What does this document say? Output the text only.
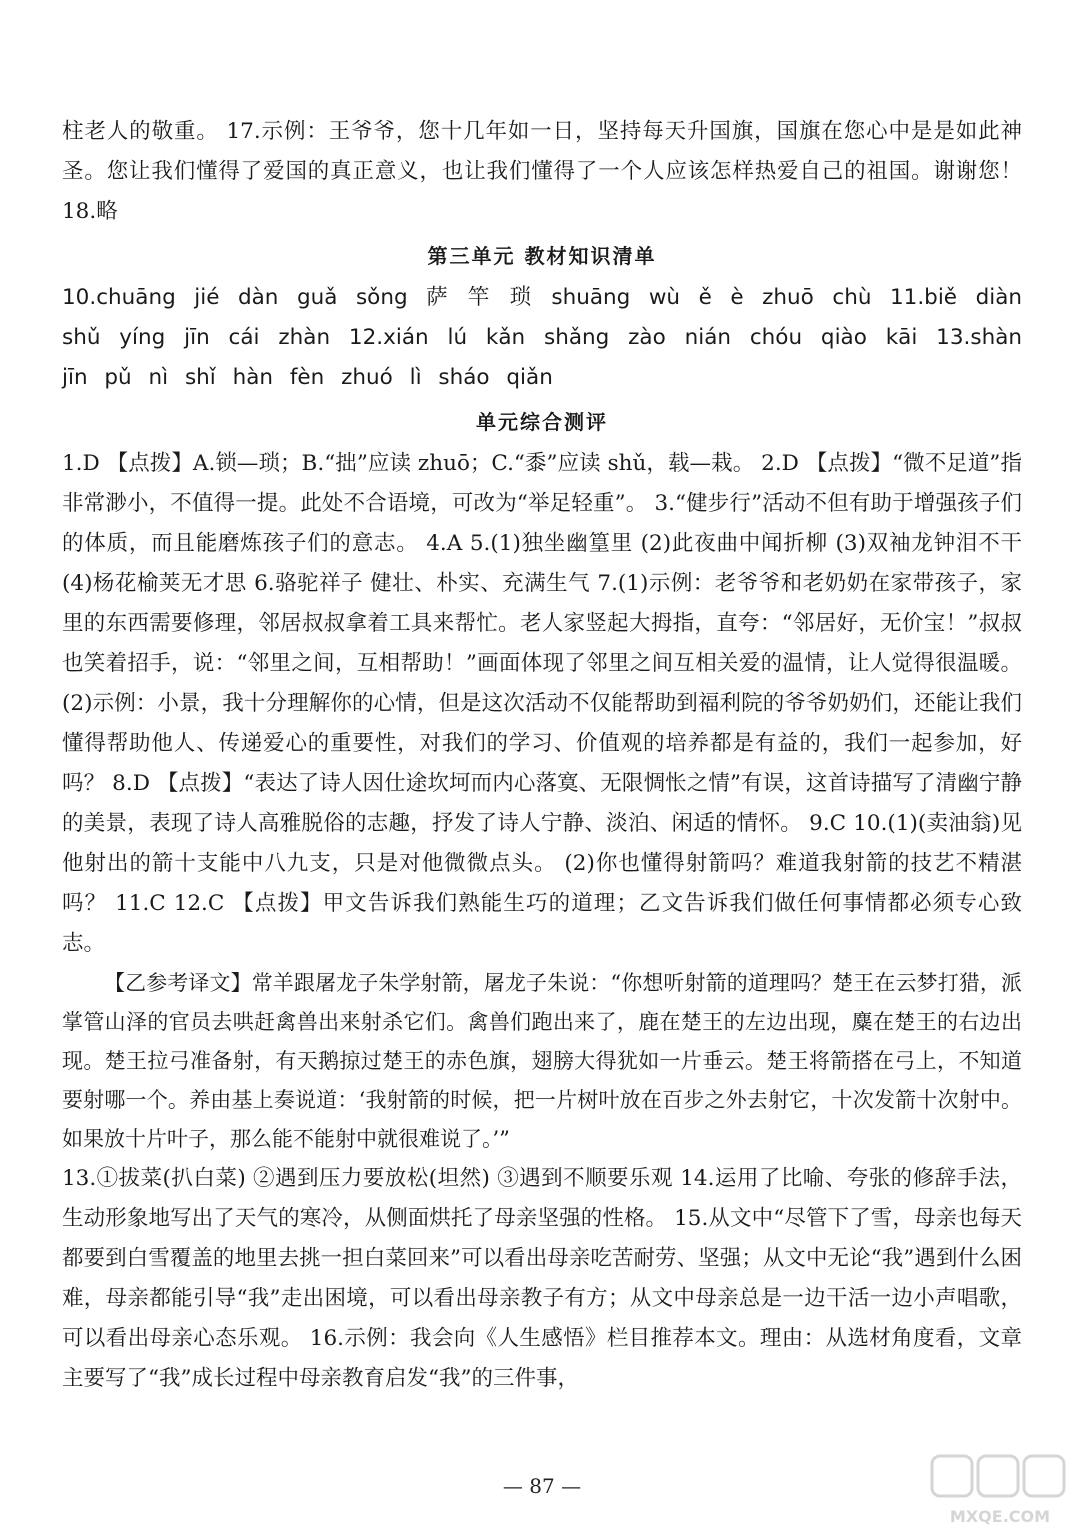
柱老人的敬重。 17.示例：王爷爷，您十几年如一日，坚持每天升国旗，国旗在您心中是是如此神圣。您让我们懂得了爱国的真正意义，也让我们懂得了一个人应该怎样热爱自己的祖国。谢谢您！ 18.略

第三单元 教材知识清单

10.chuāng jié dàn guǎ sǒng 萨 竿 琐 shuāng wù ě è zhuō chù 11.biě diàn shǔ yíng jīn cái zhàn 12.xián lú kǎn shǎng zào nián chóu qiào kāi 13.shàn jīn pǔ nì shǐ hàn fèn zhuó lì sháo qiǎn

单元综合测评

1.D 【点拨】A.锁—琐；B.“拙”应读 zhuō；C.“黍”应读 shǔ，载—栽。 2.D 【点拨】“微不足道”指非常渺小，不值得一提。此处不合语境，可改为“举足轻重”。 3.“健步行”活动不但有助于增强孩子们的体质，而且能磨炼孩子们的意志。 4.A 5.(1)独坐幽篁里 (2)此夜曲中闻折柳 (3)双袖龙钟泪不干 (4)杨花榆荚无才思 6.骆驼祥子 健壮、朴实、充满生气 7.(1)示例：老爷爷和老奶奶在家带孩子，家里的东西需要修理，邻居叔叔拿着工具来帮忙。老人家竖起大拇指，直夸：“邻居好，无价宝！”叔叔也笑着招手，说：“邻里之间，互相帮助！”画面体现了邻里之间互相关爱的温情，让人觉得很温暖。 (2)示例：小景，我十分理解你的心情，但是这次活动不仅能帮助到福利院的爷爷奶奶们，还能让我们懂得帮助他人、传递爱心的重要性，对我们的学习、价值观的培养都是有益的，我们一起参加，好吗？ 8.D 【点拨】“表达了诗人因仕途坎坷而内心落寞、无限惆怅之情”有误，这首诗描写了清幽宁静的美景，表现了诗人高雅脱俗的志趣，抒发了诗人宁静、淡泊、闲适的情怀。 9.C 10.(1)(卖油翁)见他射出的箭十支能中八九支，只是对他微微点头。 (2)你也懂得射箭吗？难道我射箭的技艺不精湛吗？ 11.C 12.C 【点拨】甲文告诉我们熟能生巧的道理；乙文告诉我们做任何事情都必须专心致志。

【乙参考译文】常羊跟屠龙子朱学射箭，屠龙子朱说：“你想听射箭的道理吗？楚王在云梦打猎，派掌管山泽的官员去哄赶禽兽出来射杀它们。禽兽们跑出来了，鹿在楚王的左边出现，麋在楚王的右边出现。楚王拉弓准备射，有天鹅掠过楚王的赤色旗，翅膀大得犹如一片垂云。楚王将箭搭在弓上，不知道要射哪一个。养由基上奏说道：‘我射箭的时候，把一片树叶放在百步之外去射它，十次发箭十次射中。如果放十片叶子，那么能不能射中就很难说了。’”

13.①拔菜(扒白菜) ②遇到压力要放松(坦然) ③遇到不顺要乐观 14.运用了比喻、夸张的修辞手法，生动形象地写出了天气的寒冷，从侧面烘托了母亲坚强的性格。 15.从文中“尽管下了雪，母亲也每天都要到白雪覆盖的地里去挑一担白菜回来”可以看出母亲吃苦耐劳、坚强；从文中无论“我”遇到什么困难，母亲都能引导“我”走出困境，可以看出母亲教子有方；从文中母亲总是一边干活一边小声唱歌，可以看出母亲心态乐观。 16.示例：我会向《人生感悟》栏目推荐本文。理由：从选材角度看，文章主要写了“我”成长过程中母亲教育启发“我”的三件事，

— 87 —
MXQE.COM
